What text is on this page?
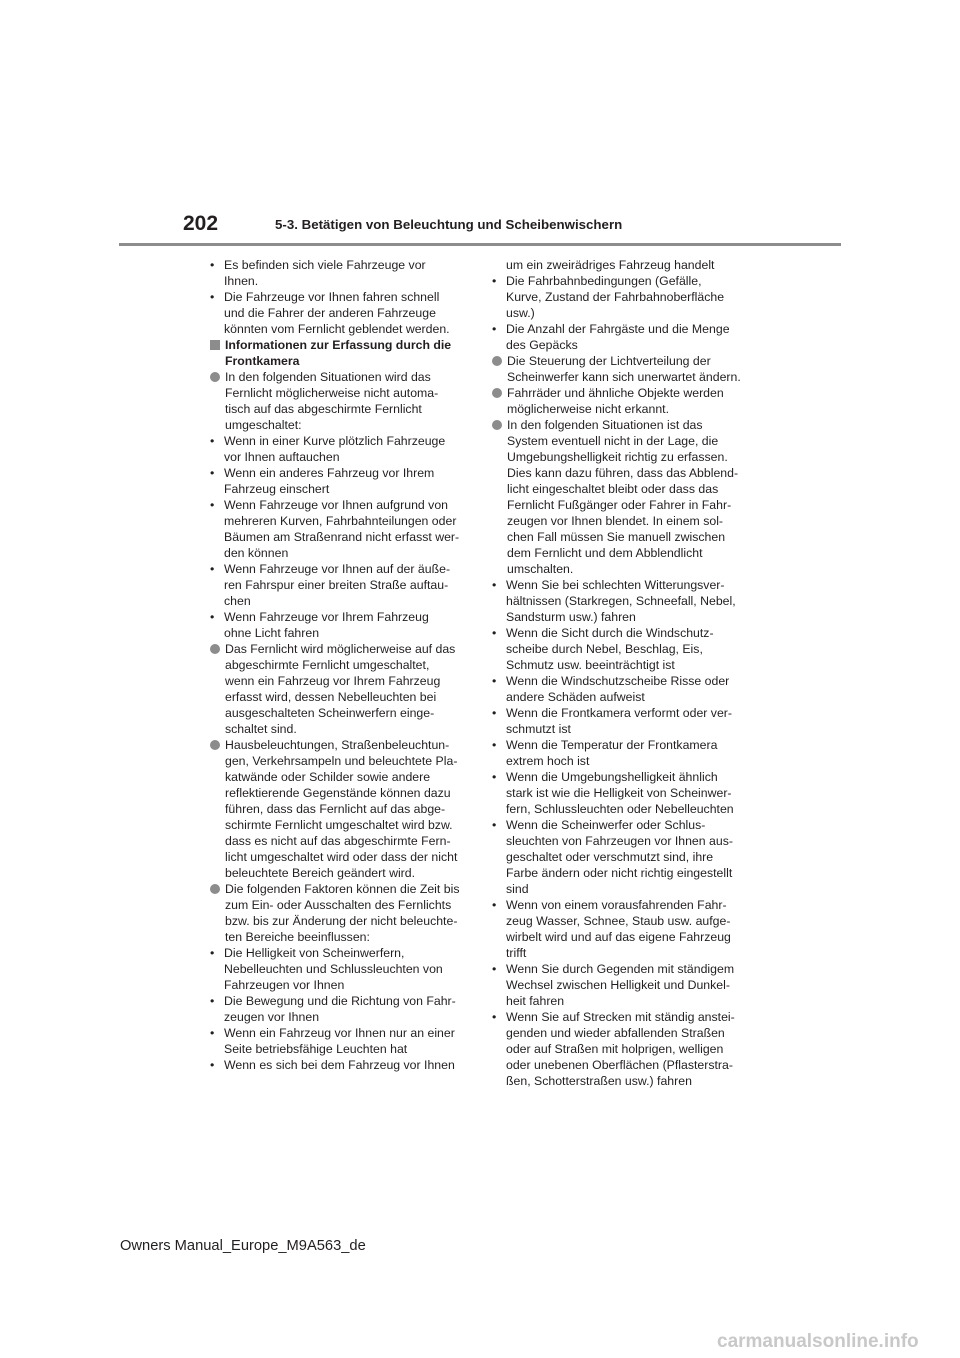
202	5-3. Betätigen von Beleuchtung und Scheibenwischern
• Es befinden sich viele Fahrzeuge vor
Ihnen.
• Die Fahrzeuge vor Ihnen fahren schnell
und die Fahrer der anderen Fahrzeuge
könnten vom Fernlicht geblendet werden.
Informationen zur Erfassung durch die
Frontkamera
In den folgenden Situationen wird das
Fernlicht möglicherweise nicht automa-
tisch auf das abgeschirmte Fernlicht
umgeschaltet:
• Wenn in einer Kurve plötzlich Fahrzeuge
vor Ihnen auftauchen
• Wenn ein anderes Fahrzeug vor Ihrem
Fahrzeug einschert
• Wenn Fahrzeuge vor Ihnen aufgrund von
mehreren Kurven, Fahrbahnteilungen oder
Bäumen am Straßenrand nicht erfasst wer-
den können
• Wenn Fahrzeuge vor Ihnen auf der äuße-
ren Fahrspur einer breiten Straße auftau-
chen
• Wenn Fahrzeuge vor Ihrem Fahrzeug
ohne Licht fahren
Das Fernlicht wird möglicherweise auf das
abgeschirmte Fernlicht umgeschaltet,
wenn ein Fahrzeug vor Ihrem Fahrzeug
erfasst wird, dessen Nebelleuchten bei
ausgeschalteten Scheinwerfern einge-
schaltet sind.
Hausbeleuchtungen, Straßenbeleuchtun-
gen, Verkehrsampeln und beleuchtete Pla-
katwände oder Schilder sowie andere
reflektierende Gegenstände können dazu
führen, dass das Fernlicht auf das abge-
schirmte Fernlicht umgeschaltet wird bzw.
dass es nicht auf das abgeschirmte Fern-
licht umgeschaltet wird oder dass der nicht
beleuchtete Bereich geändert wird.
Die folgenden Faktoren können die Zeit bis
zum Ein- oder Ausschalten des Fernlichts
bzw. bis zur Änderung der nicht beleuchte-
ten Bereiche beeinflussen:
• Die Helligkeit von Scheinwerfern,
Nebelleuchten und Schlussleuchten von
Fahrzeugen vor Ihnen
• Die Bewegung und die Richtung von Fahr-
zeugen vor Ihnen
• Wenn ein Fahrzeug vor Ihnen nur an einer
Seite betriebsfähige Leuchten hat
• Wenn es sich bei dem Fahrzeug vor Ihnen
um ein zweirädriges Fahrzeug handelt
• Die Fahrbahnbedingungen (Gefälle,
Kurve, Zustand der Fahrbahnoberfläche
usw.)
• Die Anzahl der Fahrgäste und die Menge
des Gepäcks
Die Steuerung der Lichtverteilung der
Scheinwerfer kann sich unerwartet ändern.
Fahrräder und ähnliche Objekte werden
möglicherweise nicht erkannt.
In den folgenden Situationen ist das
System eventuell nicht in der Lage, die
Umgebungshelligkeit richtig zu erfassen.
Dies kann dazu führen, dass das Abblend-
licht eingeschaltet bleibt oder dass das
Fernlicht Fußgänger oder Fahrer in Fahr-
zeugen vor Ihnen blendet. In einem sol-
chen Fall müssen Sie manuell zwischen
dem Fernlicht und dem Abblendlicht
umschalten.
• Wenn Sie bei schlechten Witterungsver-
hältnissen (Starkregen, Schneefall, Nebel,
Sandsturm usw.) fahren
• Wenn die Sicht durch die Windschutz-
scheibe durch Nebel, Beschlag, Eis,
Schmutz usw. beeinträchtigt ist
• Wenn die Windschutzscheibe Risse oder
andere Schäden aufweist
• Wenn die Frontkamera verformt oder ver-
schmutzt ist
• Wenn die Temperatur der Frontkamera
extrem hoch ist
• Wenn die Umgebungshelligkeit ähnlich
stark ist wie die Helligkeit von Scheinwer-
fern, Schlussleuchten oder Nebelleuchten
• Wenn die Scheinwerfer oder Schlus-
sleuchten von Fahrzeugen vor Ihnen aus-
geschaltet oder verschmutzt sind, ihre
Farbe ändern oder nicht richtig eingestellt
sind
• Wenn von einem vorausfahrenden Fahr-
zeug Wasser, Schnee, Staub usw. aufge-
wirbelt wird und auf das eigene Fahrzeug
trifft
• Wenn Sie durch Gegenden mit ständigem
Wechsel zwischen Helligkeit und Dunkel-
heit fahren
• Wenn Sie auf Strecken mit ständig anstei-
genden und wieder abfallenden Straßen
oder auf Straßen mit holprigen, welligen
oder unebenen Oberflächen (Pflasterstra-
ßen, Schotterstraßen usw.) fahren
Owners Manual_Europe_M9A563_de
carmanualsonline.info
